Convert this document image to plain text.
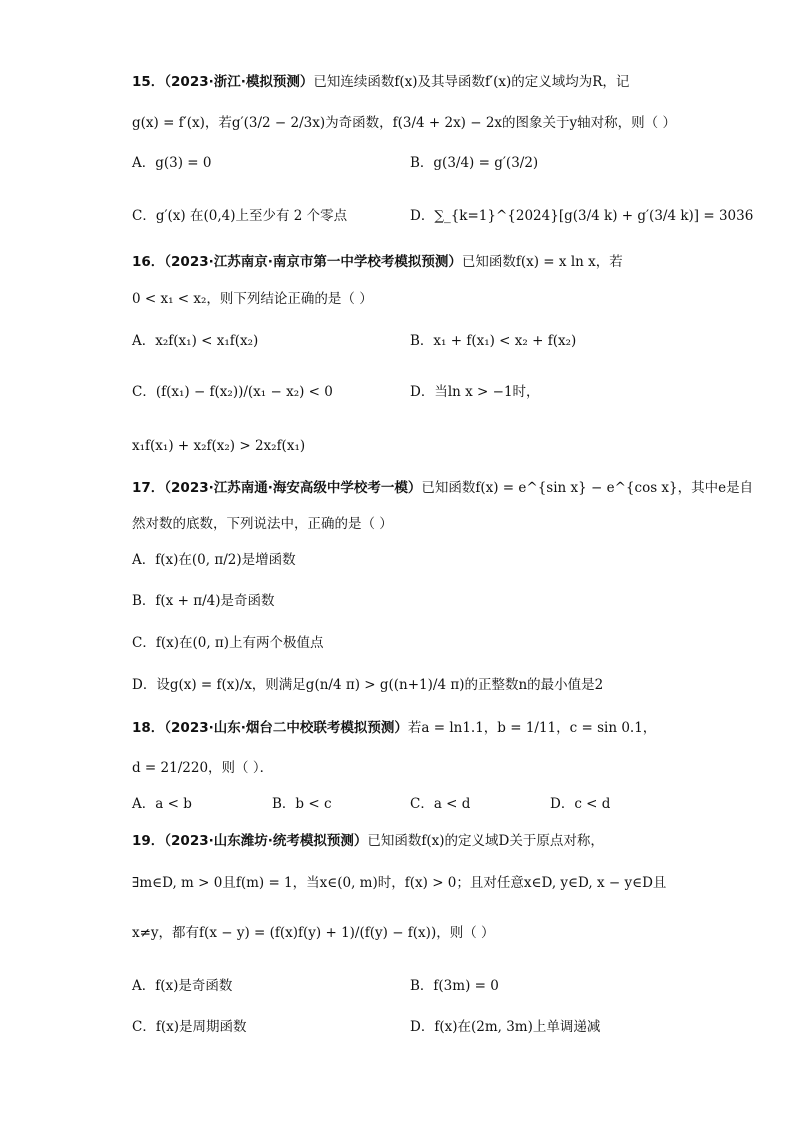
15．（2023·浙江·模拟预测）已知连续函数f(x)及其导函数f′(x)的定义域均为R，记
g(x) = f′(x)，若g′(3/2 − 2/3x)为奇函数，f(3/4 + 2x) − 2x的图象关于y轴对称，则（ ）
A．g(3) = 0	B．g(3/4) = g′(3/2)
C．g′(x) 在(0,4)上至少有 2 个零点	D．∑_{k=1}^{2024}[g(3/4 k) + g′(3/4 k)] = 3036
16．（2023·江苏南京·南京市第一中学校考模拟预测）已知函数f(x) = x ln x，若
0 < x₁ < x₂，则下列结论正确的是（ ）
A．x₂f(x₁) < x₁f(x₂)	B．x₁ + f(x₁) < x₂ + f(x₂)
C．(f(x₁) − f(x₂))/(x₁ − x₂) < 0	D．当ln x > −1时，
x₁f(x₁) + x₂f(x₂) > 2x₂f(x₁)
17．（2023·江苏南通·海安高级中学校考一模）已知函数f(x) = e^{sin x} − e^{cos x}，其中e是自
然对数的底数，下列说法中，正确的是（ ）
A．f(x)在(0, π/2)是增函数
B．f(x + π/4)是奇函数
C．f(x)在(0, π)上有两个极值点
D．设g(x) = f(x)/x，则满足g(n/4 π) > g((n+1)/4 π)的正整数n的最小值是2
18．（2023·山东·烟台二中校联考模拟预测）若a = ln1.1，b = 1/11，c = sin 0.1，
d = 21/220，则（ ）．
A．a < b	B．b < c	C．a < d	D．c < d
19．（2023·山东潍坊·统考模拟预测）已知函数f(x)的定义域D关于原点对称，
∃m∈D, m > 0且f(m) = 1，当x∈(0, m)时，f(x) > 0；且对任意x∈D, y∈D, x − y∈D且
x≠y，都有f(x − y) = (f(x)f(y) + 1)/(f(y) − f(x))，则（ ）
A．f(x)是奇函数	B．f(3m) = 0
C．f(x)是周期函数	D．f(x)在(2m, 3m)上单调递减
